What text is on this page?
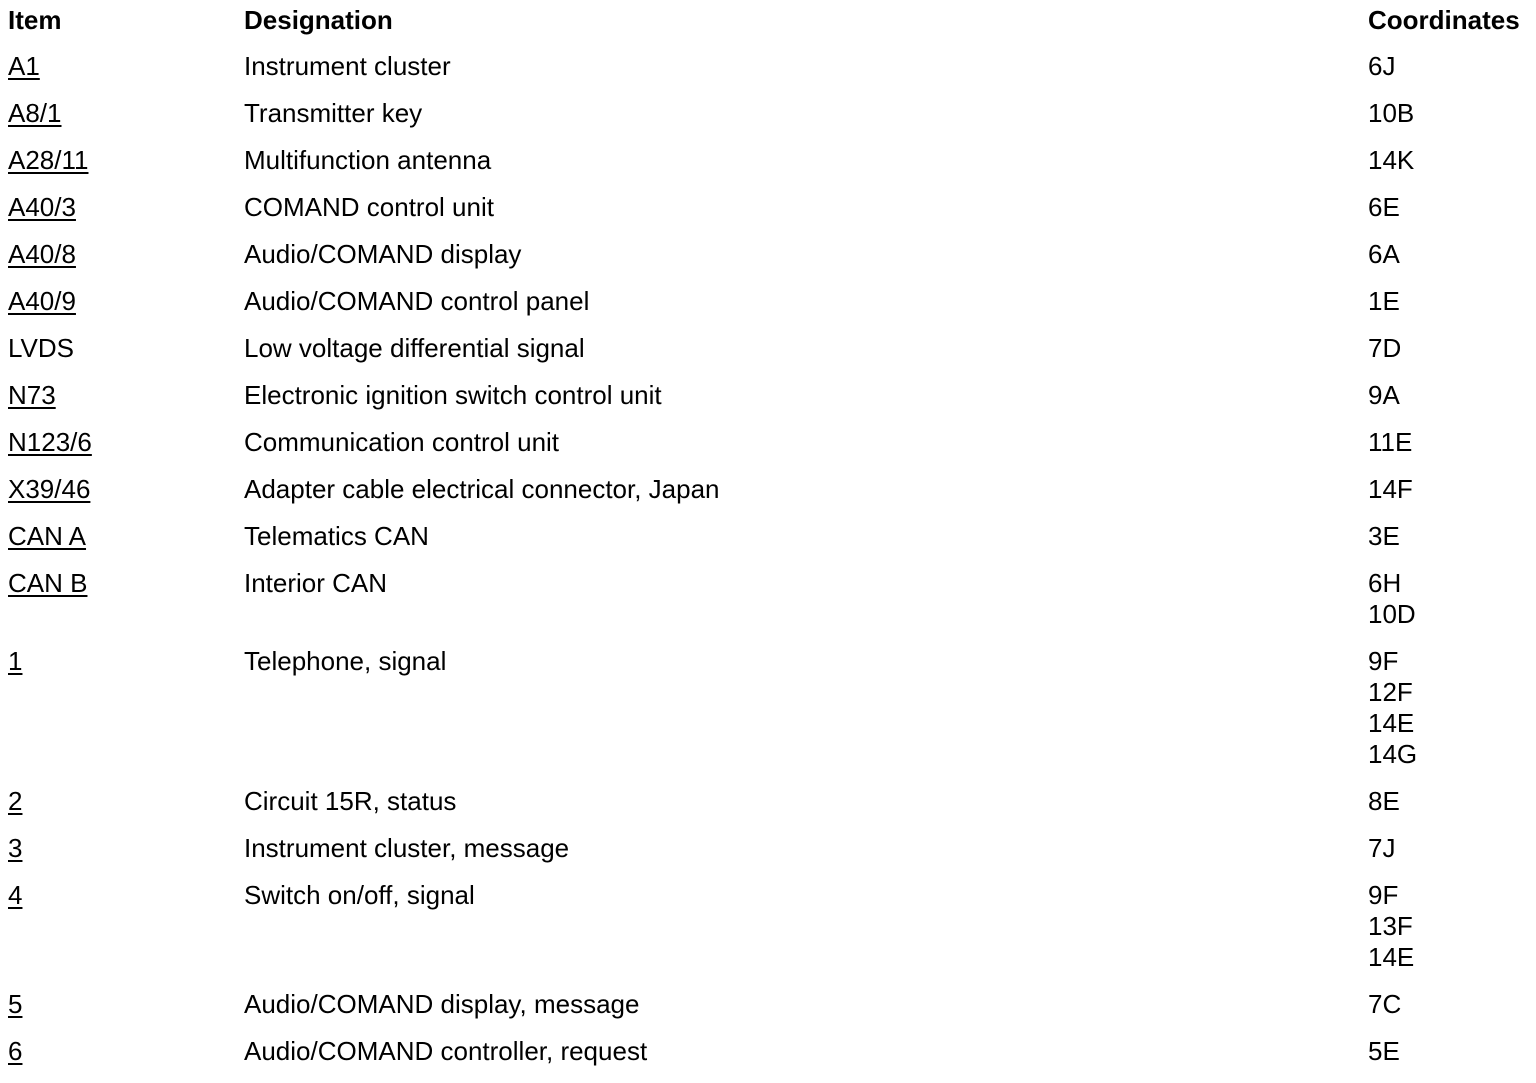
Item	Designation	Coordinates
A1	Instrument cluster	6J

A8/1	Transmitter key	10B

A28/11	Multifunction antenna	14K

A40/3	COMAND control unit	6E

A40/8	Audio/COMAND display	6A

A40/9	Audio/COMAND control panel	1E

LVDS	Low voltage differential signal	7D

N73	Electronic ignition switch control unit	9A

N123/6	Communication control unit	11E

X39/46	Adapter cable electrical connector, Japan	14F

CAN A	Telematics CAN	3E

CAN B	Interior CAN	6H
10D

1	Telephone, signal	9F
12F
14E
14G

2	Circuit 15R, status	8E

3	Instrument cluster, message	7J

4	Switch on/off, signal	9F
13F
14E

5	Audio/COMAND display, message	7C

6	Audio/COMAND controller, request	5E
